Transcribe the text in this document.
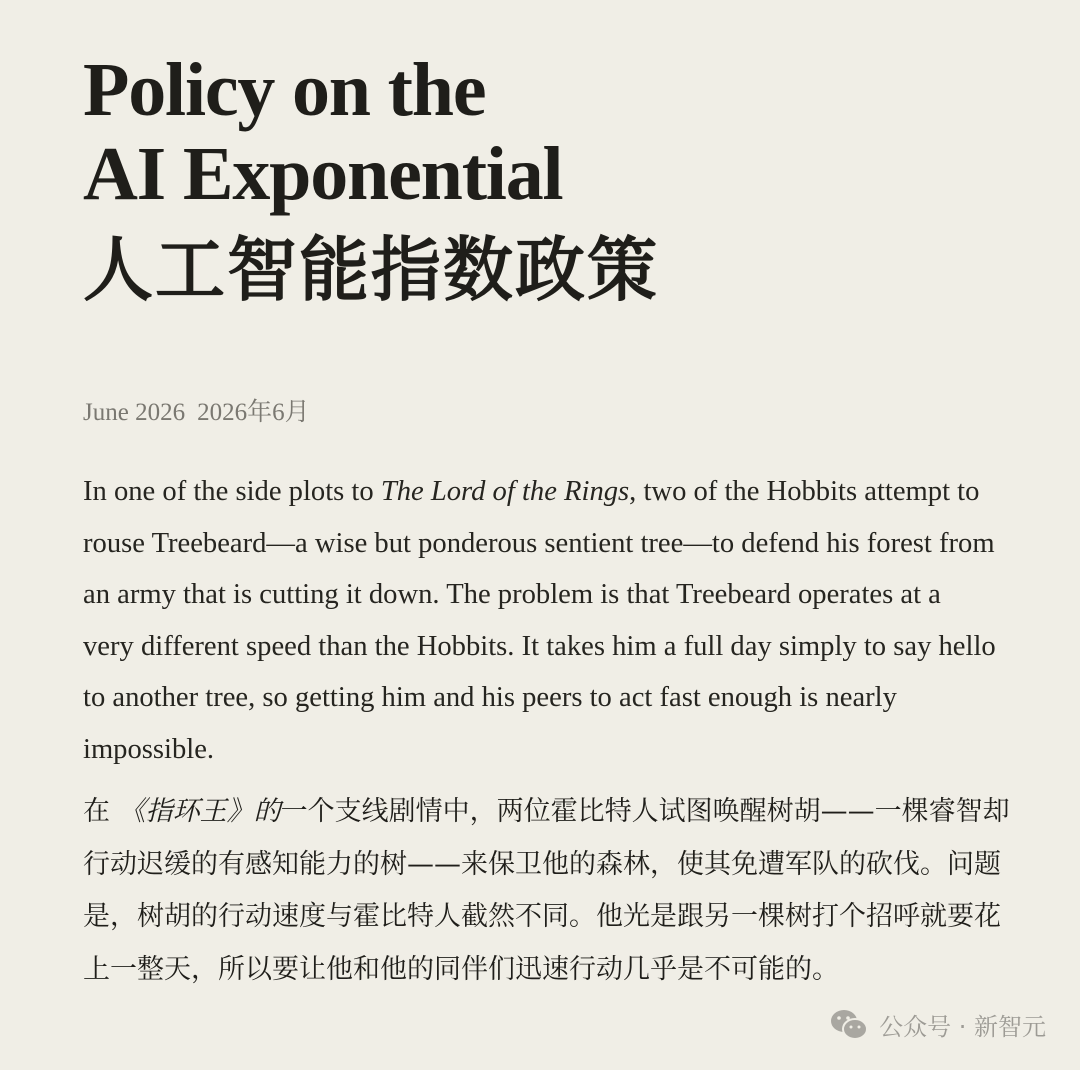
Policy on the
AI Exponential
人工智能指数政策
June 2026 2026年6月

In one of the side plots to The Lord of the Rings, two of the Hobbits attempt to rouse Treebeard—a wise but ponderous sentient tree—to defend his forest from an army that is cutting it down. The problem is that Treebeard operates at a very different speed than the Hobbits. It takes him a full day simply to say hello to another tree, so getting him and his peers to act fast enough is nearly impossible.

在 《指环王》的一个支线剧情中，两位霍比特人试图唤醒树胡——一棵睿智却行动迟缓的有感知能力的树——来保卫他的森林，使其免遭军队的砍伐。问题是，树胡的行动速度与霍比特人截然不同。他光是跟另一棵树打个招呼就要花上一整天，所以要让他和他的同伴们迅速行动几乎是不可能的。

公众号 · 新智元
